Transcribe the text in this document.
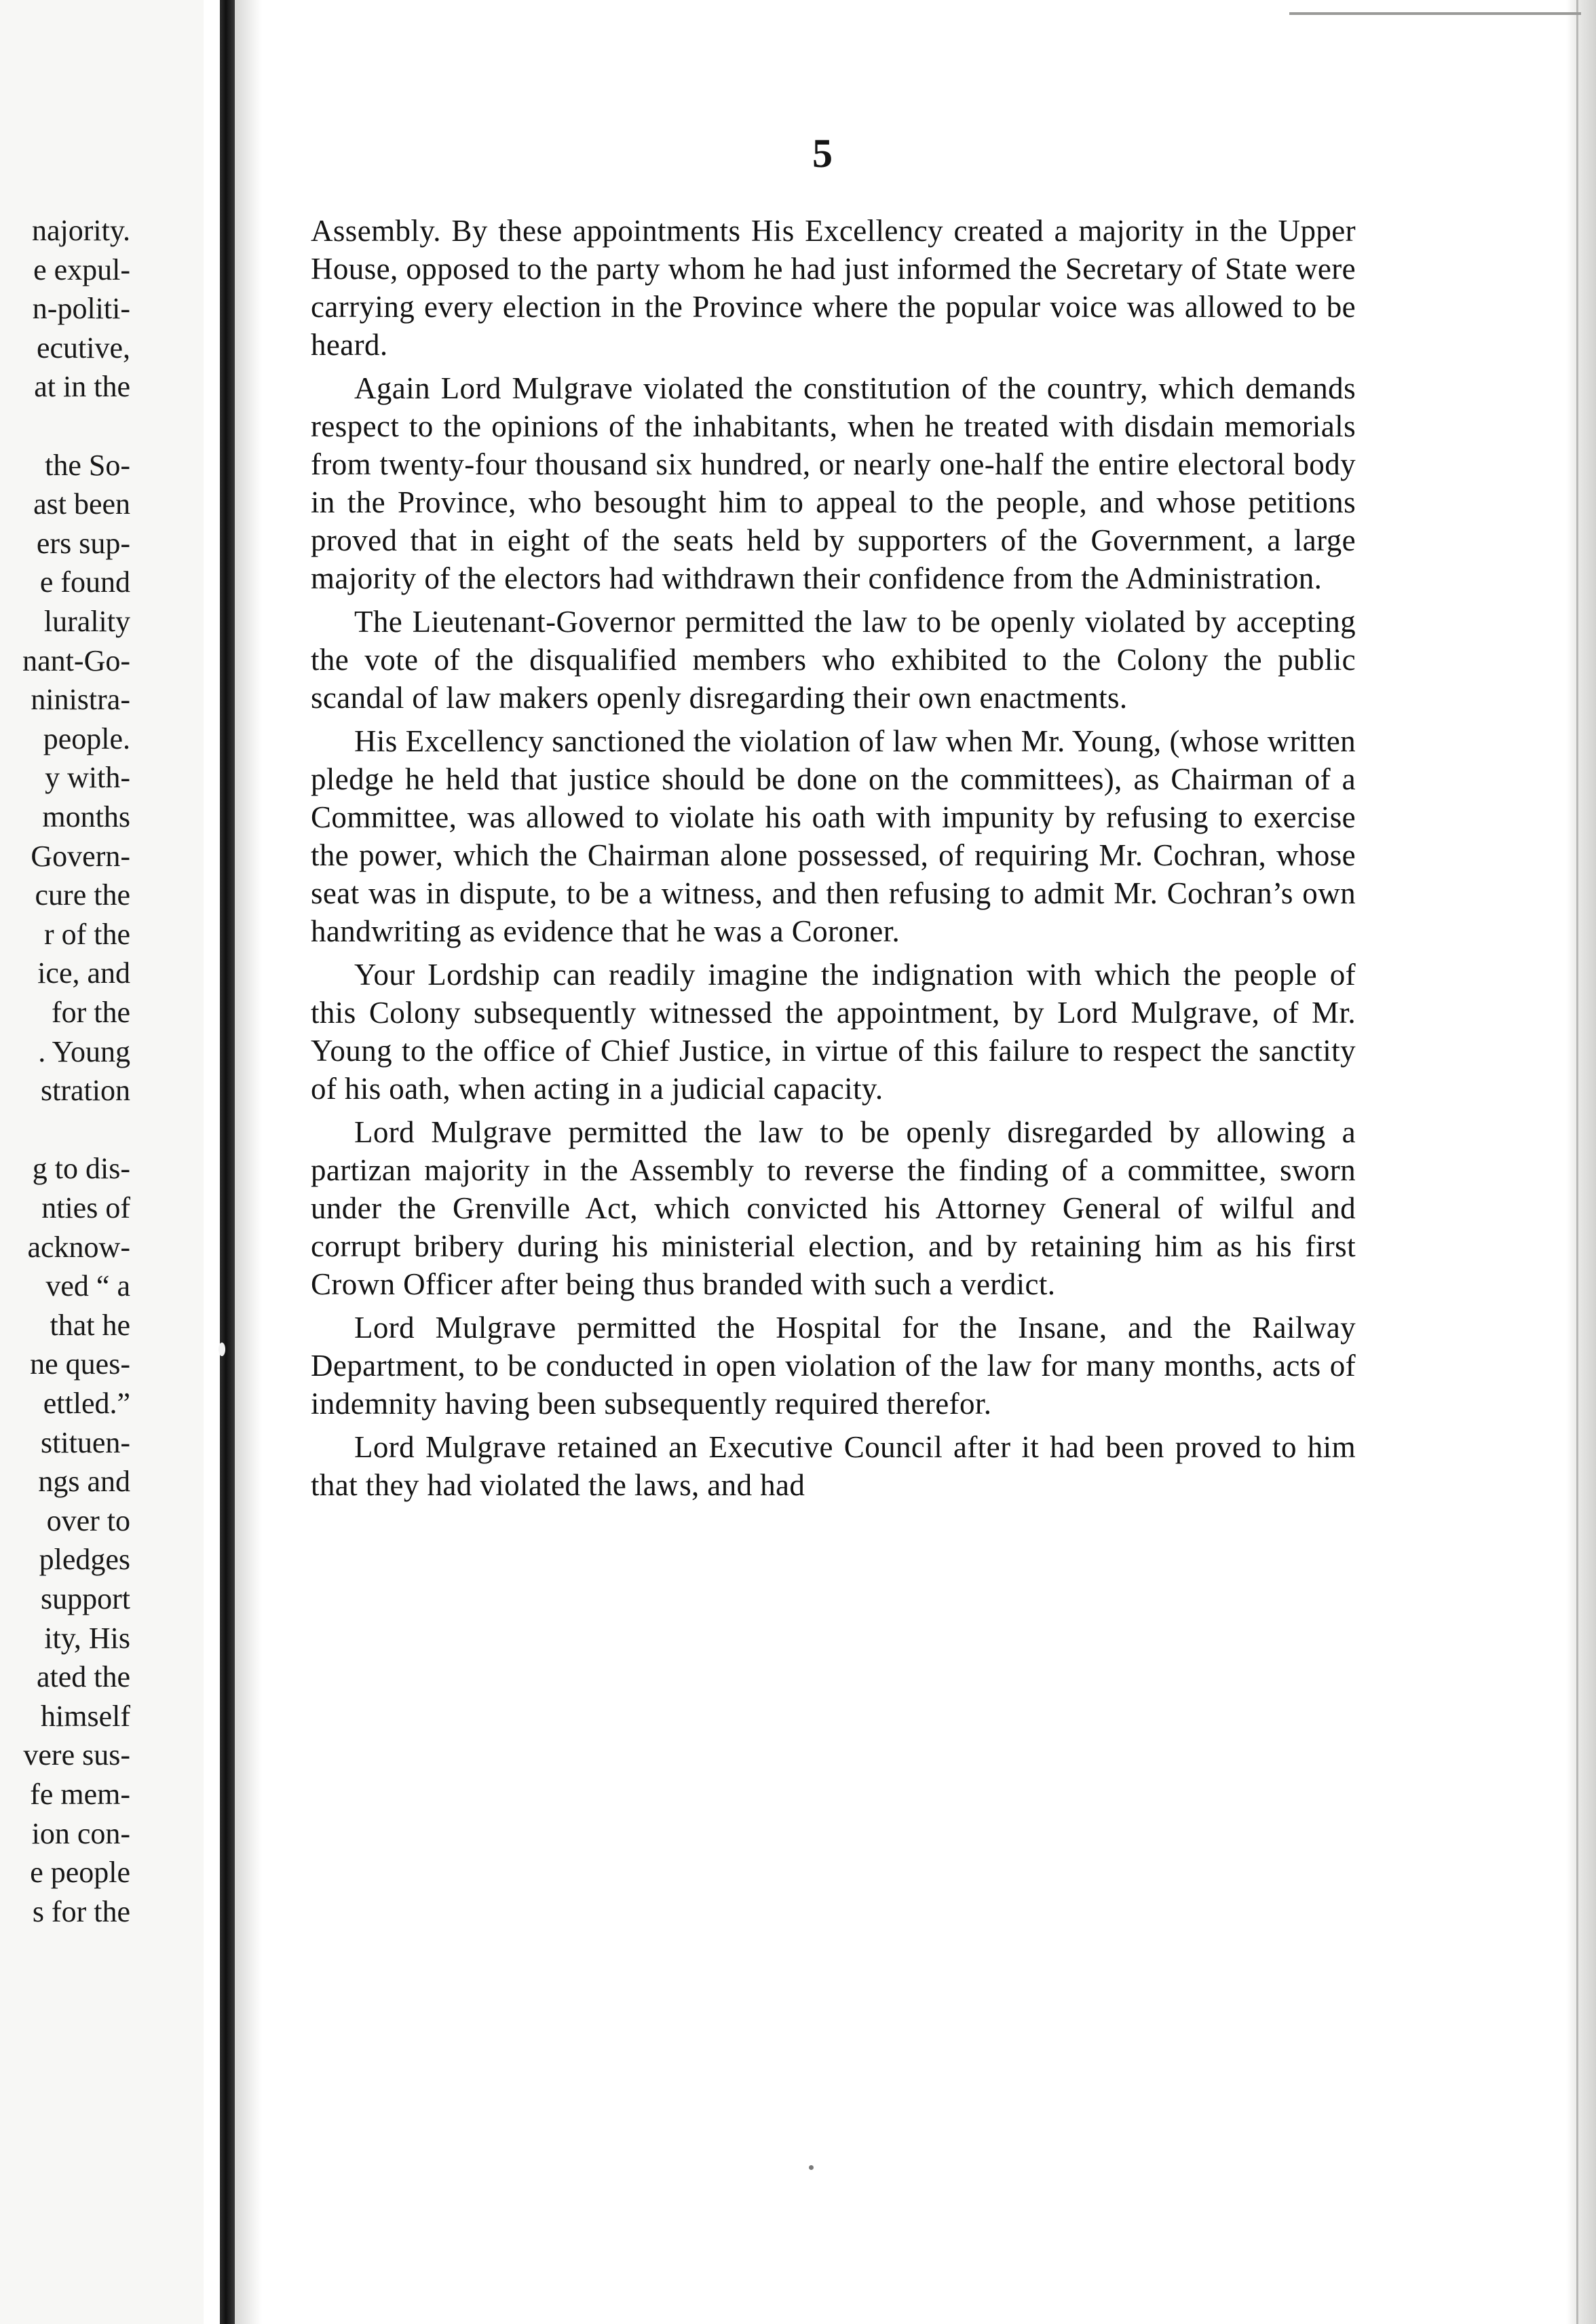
najority.
e expul-
n-politi-
ecutive,
at in the
the So-
ast been
ers sup-
e found
lurality
nant-Go-
ninistra-
people.
y with-
months
Govern-
cure the
r of the
ice, and
for the
. Young
stration
g to dis-
nties of
acknow-
ved “ a
that he
ne ques-
ettled.”
stituen-
ngs and
over to
pledges
support
ity, His
ated the
himself
vere sus-
fe mem-
ion con-
e people
s for the
5

Assembly. By these appointments His Excellency created a majority in the Upper House, opposed to the party whom he had just informed the Secretary of State were carrying every election in the Province where the popular voice was allowed to be heard.

Again Lord Mulgrave violated the constitution of the country, which demands respect to the opinions of the inhabitants, when he treated with disdain memorials from twenty-four thousand six hundred, or nearly one-half the entire electoral body in the Province, who besought him to appeal to the people, and whose petitions proved that in eight of the seats held by supporters of the Government, a large majority of the electors had withdrawn their confidence from the Administration.

The Lieutenant-Governor permitted the law to be openly violated by accepting the vote of the disqualified members who exhibited to the Colony the public scandal of law makers openly disregarding their own enactments.

His Excellency sanctioned the violation of law when Mr. Young, (whose written pledge he held that justice should be done on the committees), as Chairman of a Committee, was allowed to violate his oath with impunity by refusing to exercise the power, which the Chairman alone possessed, of requiring Mr. Cochran, whose seat was in dispute, to be a witness, and then refusing to admit Mr. Cochran’s own handwriting as evidence that he was a Coroner.

Your Lordship can readily imagine the indignation with which the people of this Colony subsequently witnessed the appointment, by Lord Mulgrave, of Mr. Young to the office of Chief Justice, in virtue of this failure to respect the sanctity of his oath, when acting in a judicial capacity.

Lord Mulgrave permitted the law to be openly disregarded by allowing a partizan majority in the Assembly to reverse the finding of a committee, sworn under the Grenville Act, which convicted his Attorney General of wilful and corrupt bribery during his ministerial election, and by retaining him as his first Crown Officer after being thus branded with such a verdict.

Lord Mulgrave permitted the Hospital for the Insane, and the Railway Department, to be conducted in open violation of the law for many months, acts of indemnity having been subsequently required therefor.

Lord Mulgrave retained an Executive Council after it had been proved to him that they had violated the laws, and had
